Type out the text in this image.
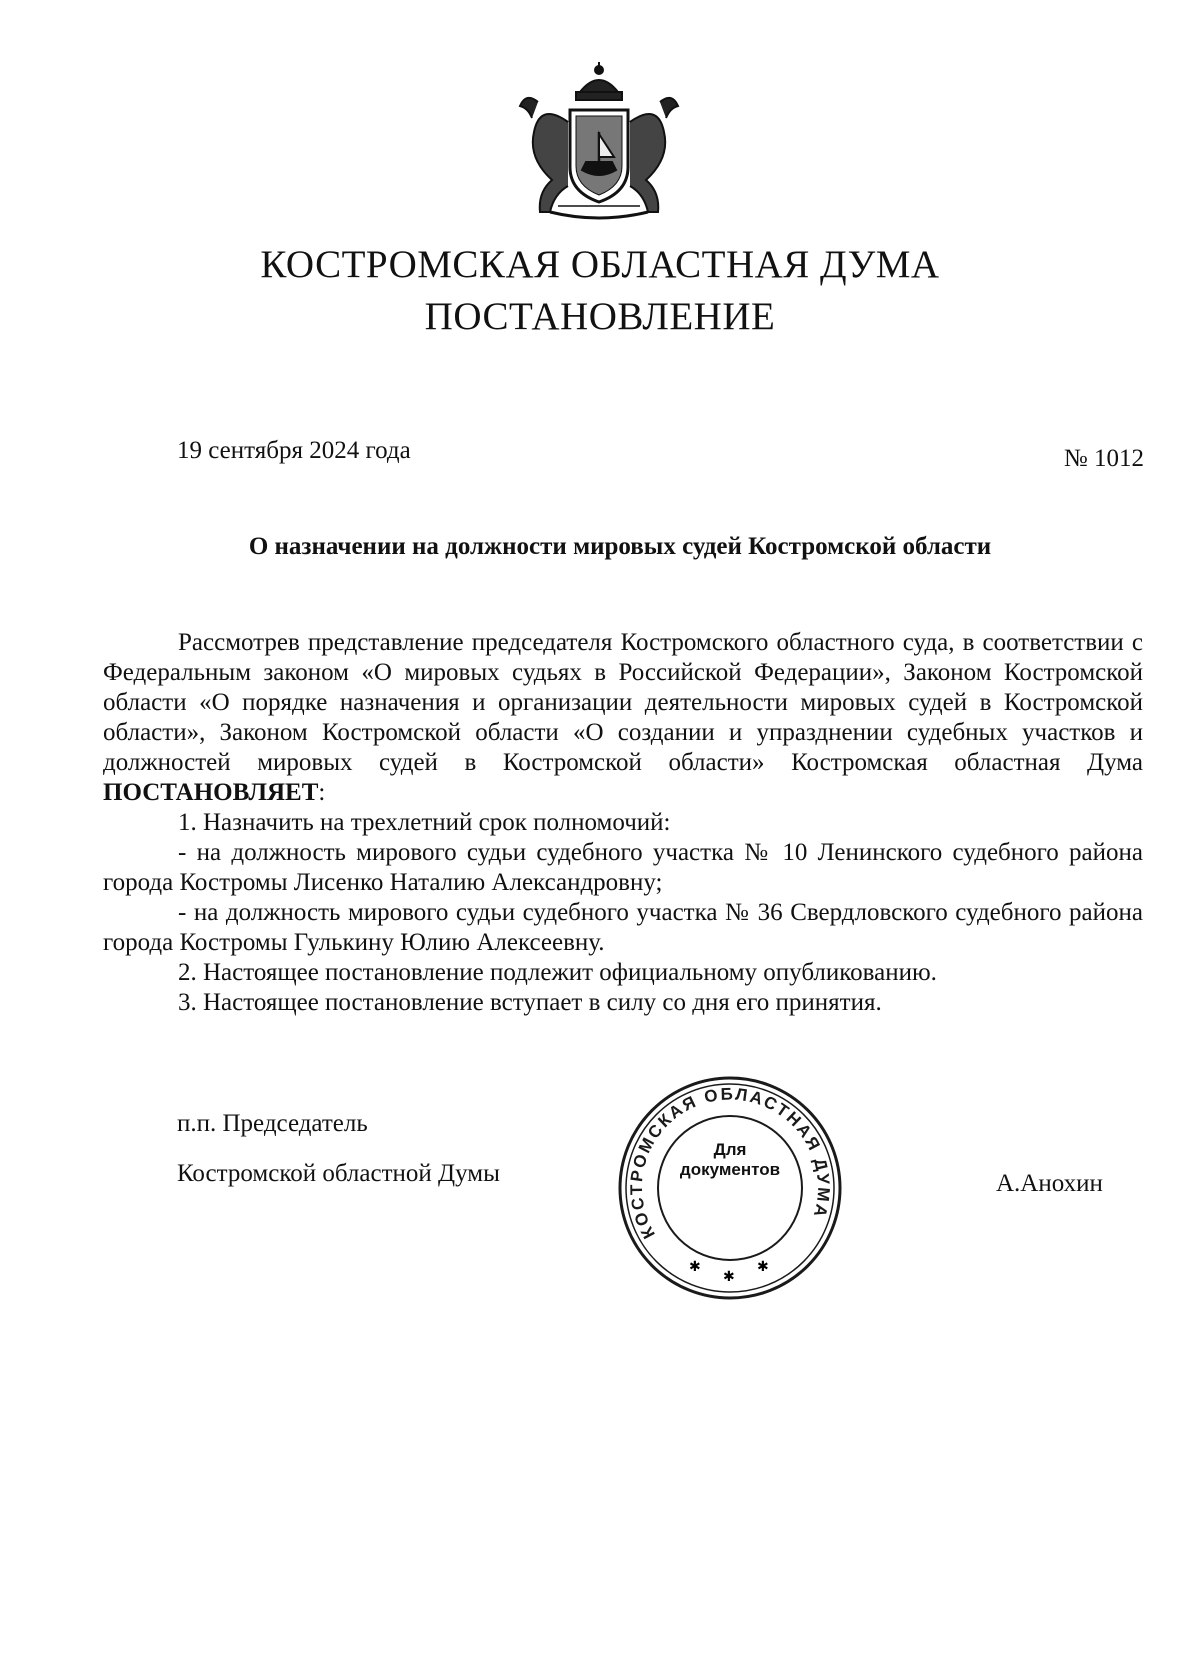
КОСТРОМСКАЯ ОБЛАСТНАЯ ДУМА
ПОСТАНОВЛЕНИЕ
19 сентября 2024 года	№ 1012
О назначении на должности мировых судей Костромской области

Рассмотрев представление председателя Костромского областного суда, в соответствии с Федеральным законом «О мировых судьях в Российской Федерации», Законом Костромской области «О порядке назначения и организации деятельности мировых судей в Костромской области», Законом Костромской области «О создании и упразднении судебных участков и должностей мировых судей в Костромской области» Костромская областная Дума ПОСТАНОВЛЯЕТ:

1. Назначить на трехлетний срок полномочий:

- на должность мирового судьи судебного участка № 10 Ленинского судебного района города Костромы Лисенко Наталию Александровну;

- на должность мирового судьи судебного участка № 36 Свердловского судебного района города Костромы Гулькину Юлию Алексеевну.

2. Настоящее постановление подлежит официальному опубликованию.

3. Настоящее постановление вступает в силу со дня его принятия.

п.п. Председатель
Костромской областной Думы	А.Анохин
✱
✱
✱
КОСТРОМСКАЯ ОБЛАСТНАЯ ДУМА
Для
документов
